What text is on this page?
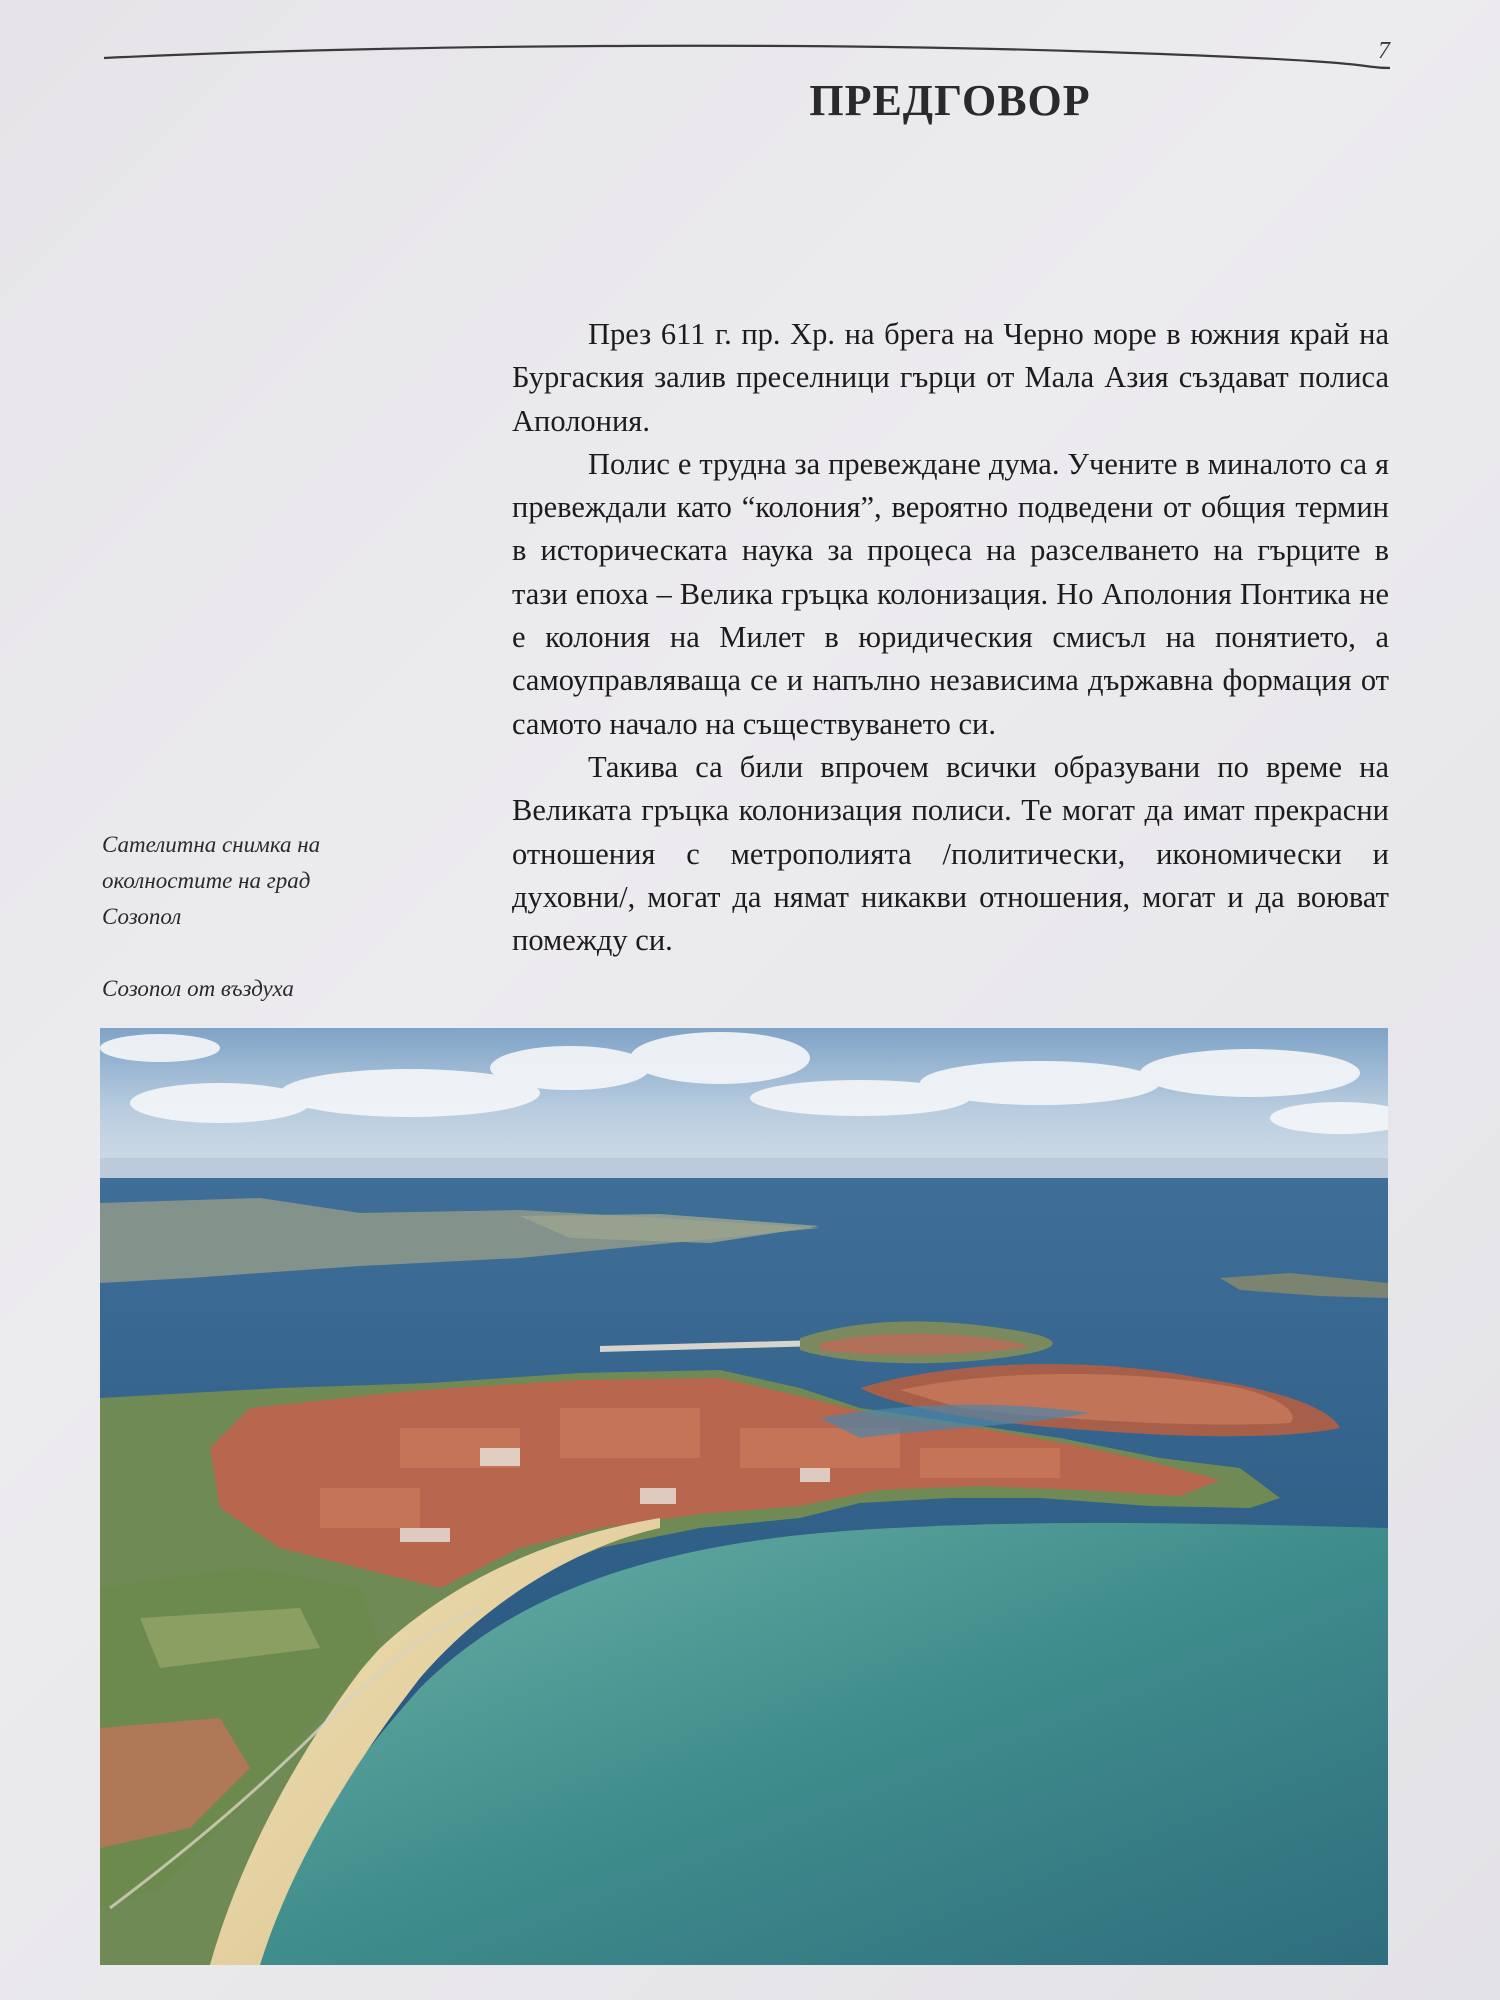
7
ПРЕДГОВОР

През 611 г. пр. Хр. на брега на Черно море в южния край на Бургаския залив преселници гърци от Мала Азия създават полиса Аполония.

Полис е трудна за превеждане дума. Учените в миналото са я превеждали като “колония”, вероятно подведени от общия термин в историческата наука за процеса на разселването на гърците в тази епоха – Велика гръцка колонизация. Но Аполония Понтика не е колония на Милет в юридическия смисъл на понятието, а самоуправляваща се и напълно независима държавна формация от самото начало на съществуването си.

Такива са били впрочем всички образувани по време на Великата гръцка колонизация полиси. Те могат да имат прекрасни отношения с метрополията /политически, икономически и духовни/, могат да нямат никакви отношения, могат и да воюват помежду си.

Сателитна снимка на околностите на град Созопол

Созопол от въздуха
